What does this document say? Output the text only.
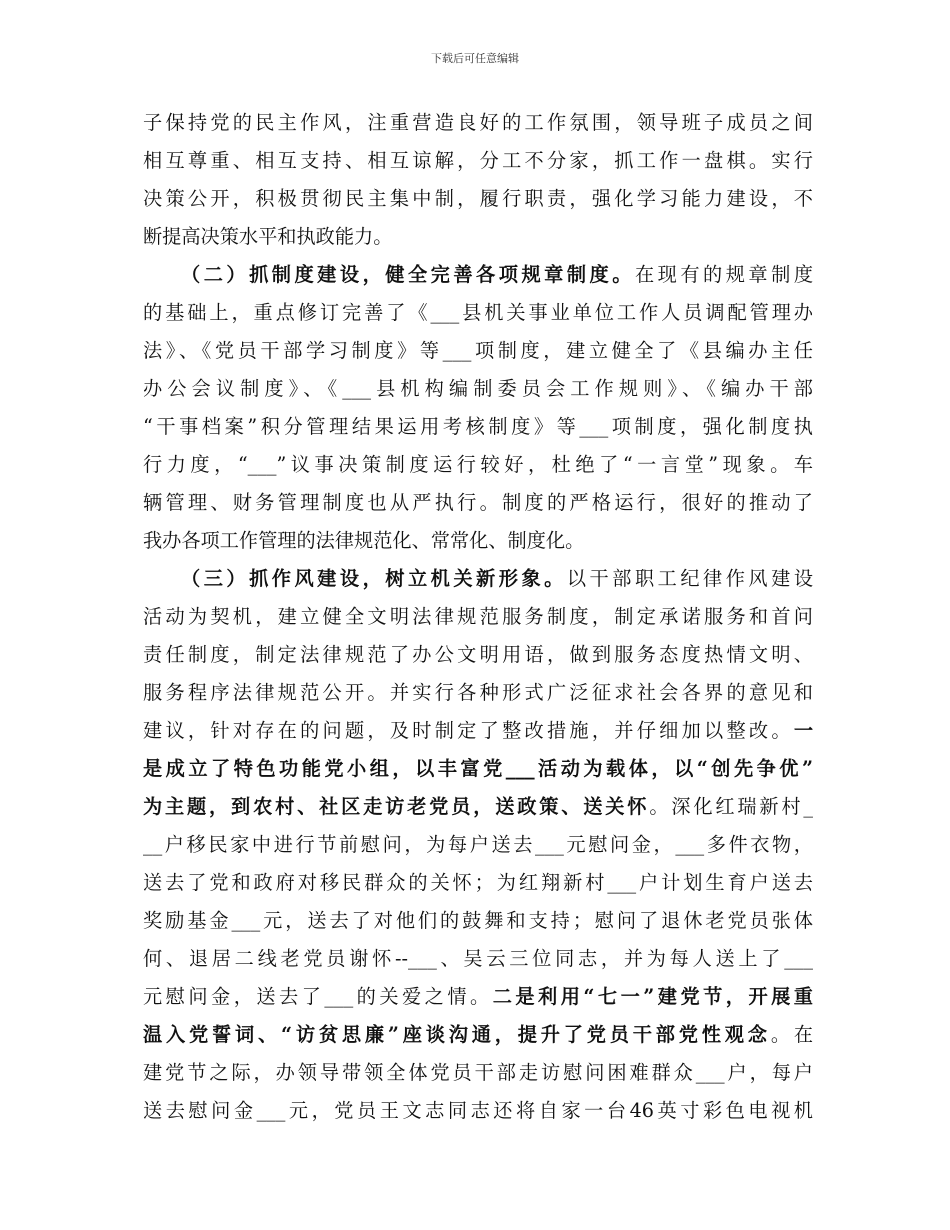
下载后可任意编辑
子保持党的民主作风，注重营造良好的工作氛围，领导班子成员之间
相互尊重、相互支持、相互谅解，分工不分家，抓工作一盘棋。实行
决策公开，积极贯彻民主集中制，履行职责，强化学习能力建设，不
断提高决策水平和执政能力。
（二）抓制度建设，健全完善各项规章制度。在现有的规章制度
的基础上，重点修订完善了《___县机关事业单位工作人员调配管理办
法》、《党员干部学习制度》等___项制度，建立健全了《县编办主任
办公会议制度》、《___县机构编制委员会工作规则》、《编办干部
“干事档案”积分管理结果运用考核制度》等___项制度，强化制度执
行力度，“___”议事决策制度运行较好，杜绝了“一言堂”现象。车
辆管理、财务管理制度也从严执行。制度的严格运行，很好的推动了
我办各项工作管理的法律规范化、常常化、制度化。
（三）抓作风建设，树立机关新形象。以干部职工纪律作风建设
活动为契机，建立健全文明法律规范服务制度，制定承诺服务和首问
责任制度，制定法律规范了办公文明用语，做到服务态度热情文明、
服务程序法律规范公开。并实行各种形式广泛征求社会各界的意见和
建议，针对存在的问题，及时制定了整改措施，并仔细加以整改。一
是成立了特色功能党小组，以丰富党___活动为载体，以“创先争优”
为主题，到农村、社区走访老党员，送政策、送关怀。深化红瑞新村_
__户移民家中进行节前慰问，为每户送去___元慰问金，___多件衣物，
送去了党和政府对移民群众的关怀；为红翔新村___户计划生育户送去
奖励基金___元，送去了对他们的鼓舞和支持；慰问了退休老党员张体
何、退居二线老党员谢怀--___、吴云三位同志，并为每人送上了___
元慰问金，送去了___的关爱之情。二是利用“七一”建党节，开展重
温入党誓词、“访贫思廉”座谈沟通，提升了党员干部党性观念。在
建党节之际，办领导带领全体党员干部走访慰问困难群众___户，每户
送去慰问金___元，党员王文志同志还将自家一台46英寸彩色电视机
